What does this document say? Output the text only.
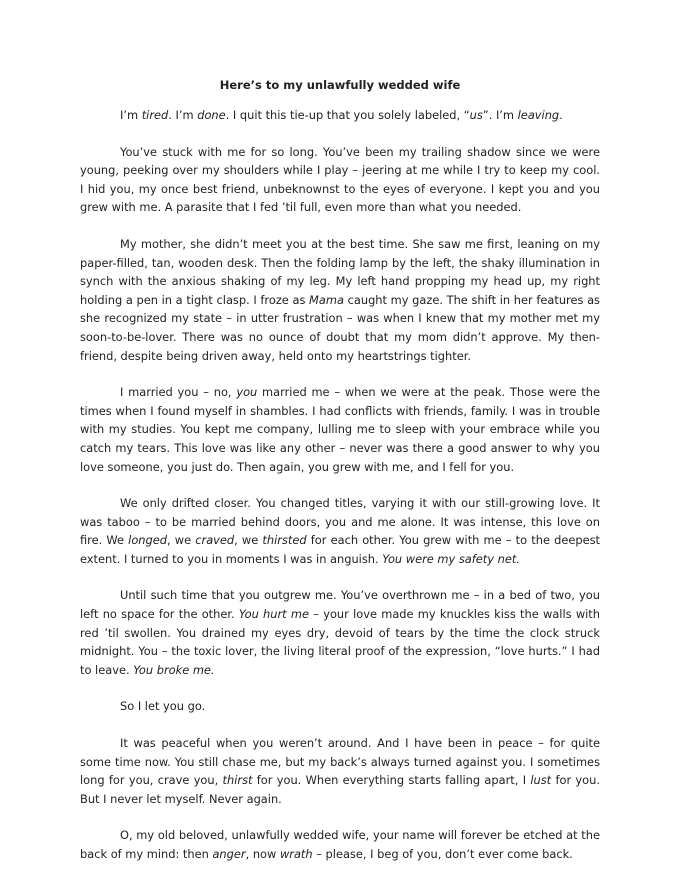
Here’s to my unlawfully wedded wife

I’m tired. I’m done. I quit this tie-up that you solely labeled, “us”. I’m leaving.

You’ve stuck with me for so long. You’ve been my trailing shadow since we were young, peeking over my shoulders while I play – jeering at me while I try to keep my cool. I hid you, my once best friend, unbeknownst to the eyes of everyone. I kept you and you grew with me. A parasite that I fed ’til full, even more than what you needed.

My mother, she didn’t meet you at the best time. She saw me first, leaning on my paper-filled, tan, wooden desk. Then the folding lamp by the left, the shaky illumination in synch with the anxious shaking of my leg. My left hand propping my head up, my right holding a pen in a tight clasp. I froze as Mama caught my gaze. The shift in her features as she recognized my state – in utter frustration – was when I knew that my mother met my soon-to-be-lover. There was no ounce of doubt that my mom didn’t approve. My then-friend, despite being driven away, held onto my heartstrings tighter.

I married you – no, you married me – when we were at the peak. Those were the times when I found myself in shambles. I had conflicts with friends, family. I was in trouble with my studies. You kept me company, lulling me to sleep with your embrace while you catch my tears. This love was like any other – never was there a good answer to why you love someone, you just do. Then again, you grew with me, and I fell for you.

We only drifted closer. You changed titles, varying it with our still-growing love. It was taboo – to be married behind doors, you and me alone. It was intense, this love on fire. We longed, we craved, we thirsted for each other. You grew with me – to the deepest extent. I turned to you in moments I was in anguish. You were my safety net.

Until such time that you outgrew me. You’ve overthrown me – in a bed of two, you left no space for the other. You hurt me – your love made my knuckles kiss the walls with red ’til swollen. You drained my eyes dry, devoid of tears by the time the clock struck midnight. You – the toxic lover, the living literal proof of the expression, “love hurts.” I had to leave. You broke me.

So I let you go.

It was peaceful when you weren’t around. And I have been in peace – for quite some time now. You still chase me, but my back’s always turned against you. I sometimes long for you, crave you, thirst for you. When everything starts falling apart, I lust for you. But I never let myself. Never again.

O, my old beloved, unlawfully wedded wife, your name will forever be etched at the back of my mind: then anger, now wrath – please, I beg of you, don’t ever come back.
